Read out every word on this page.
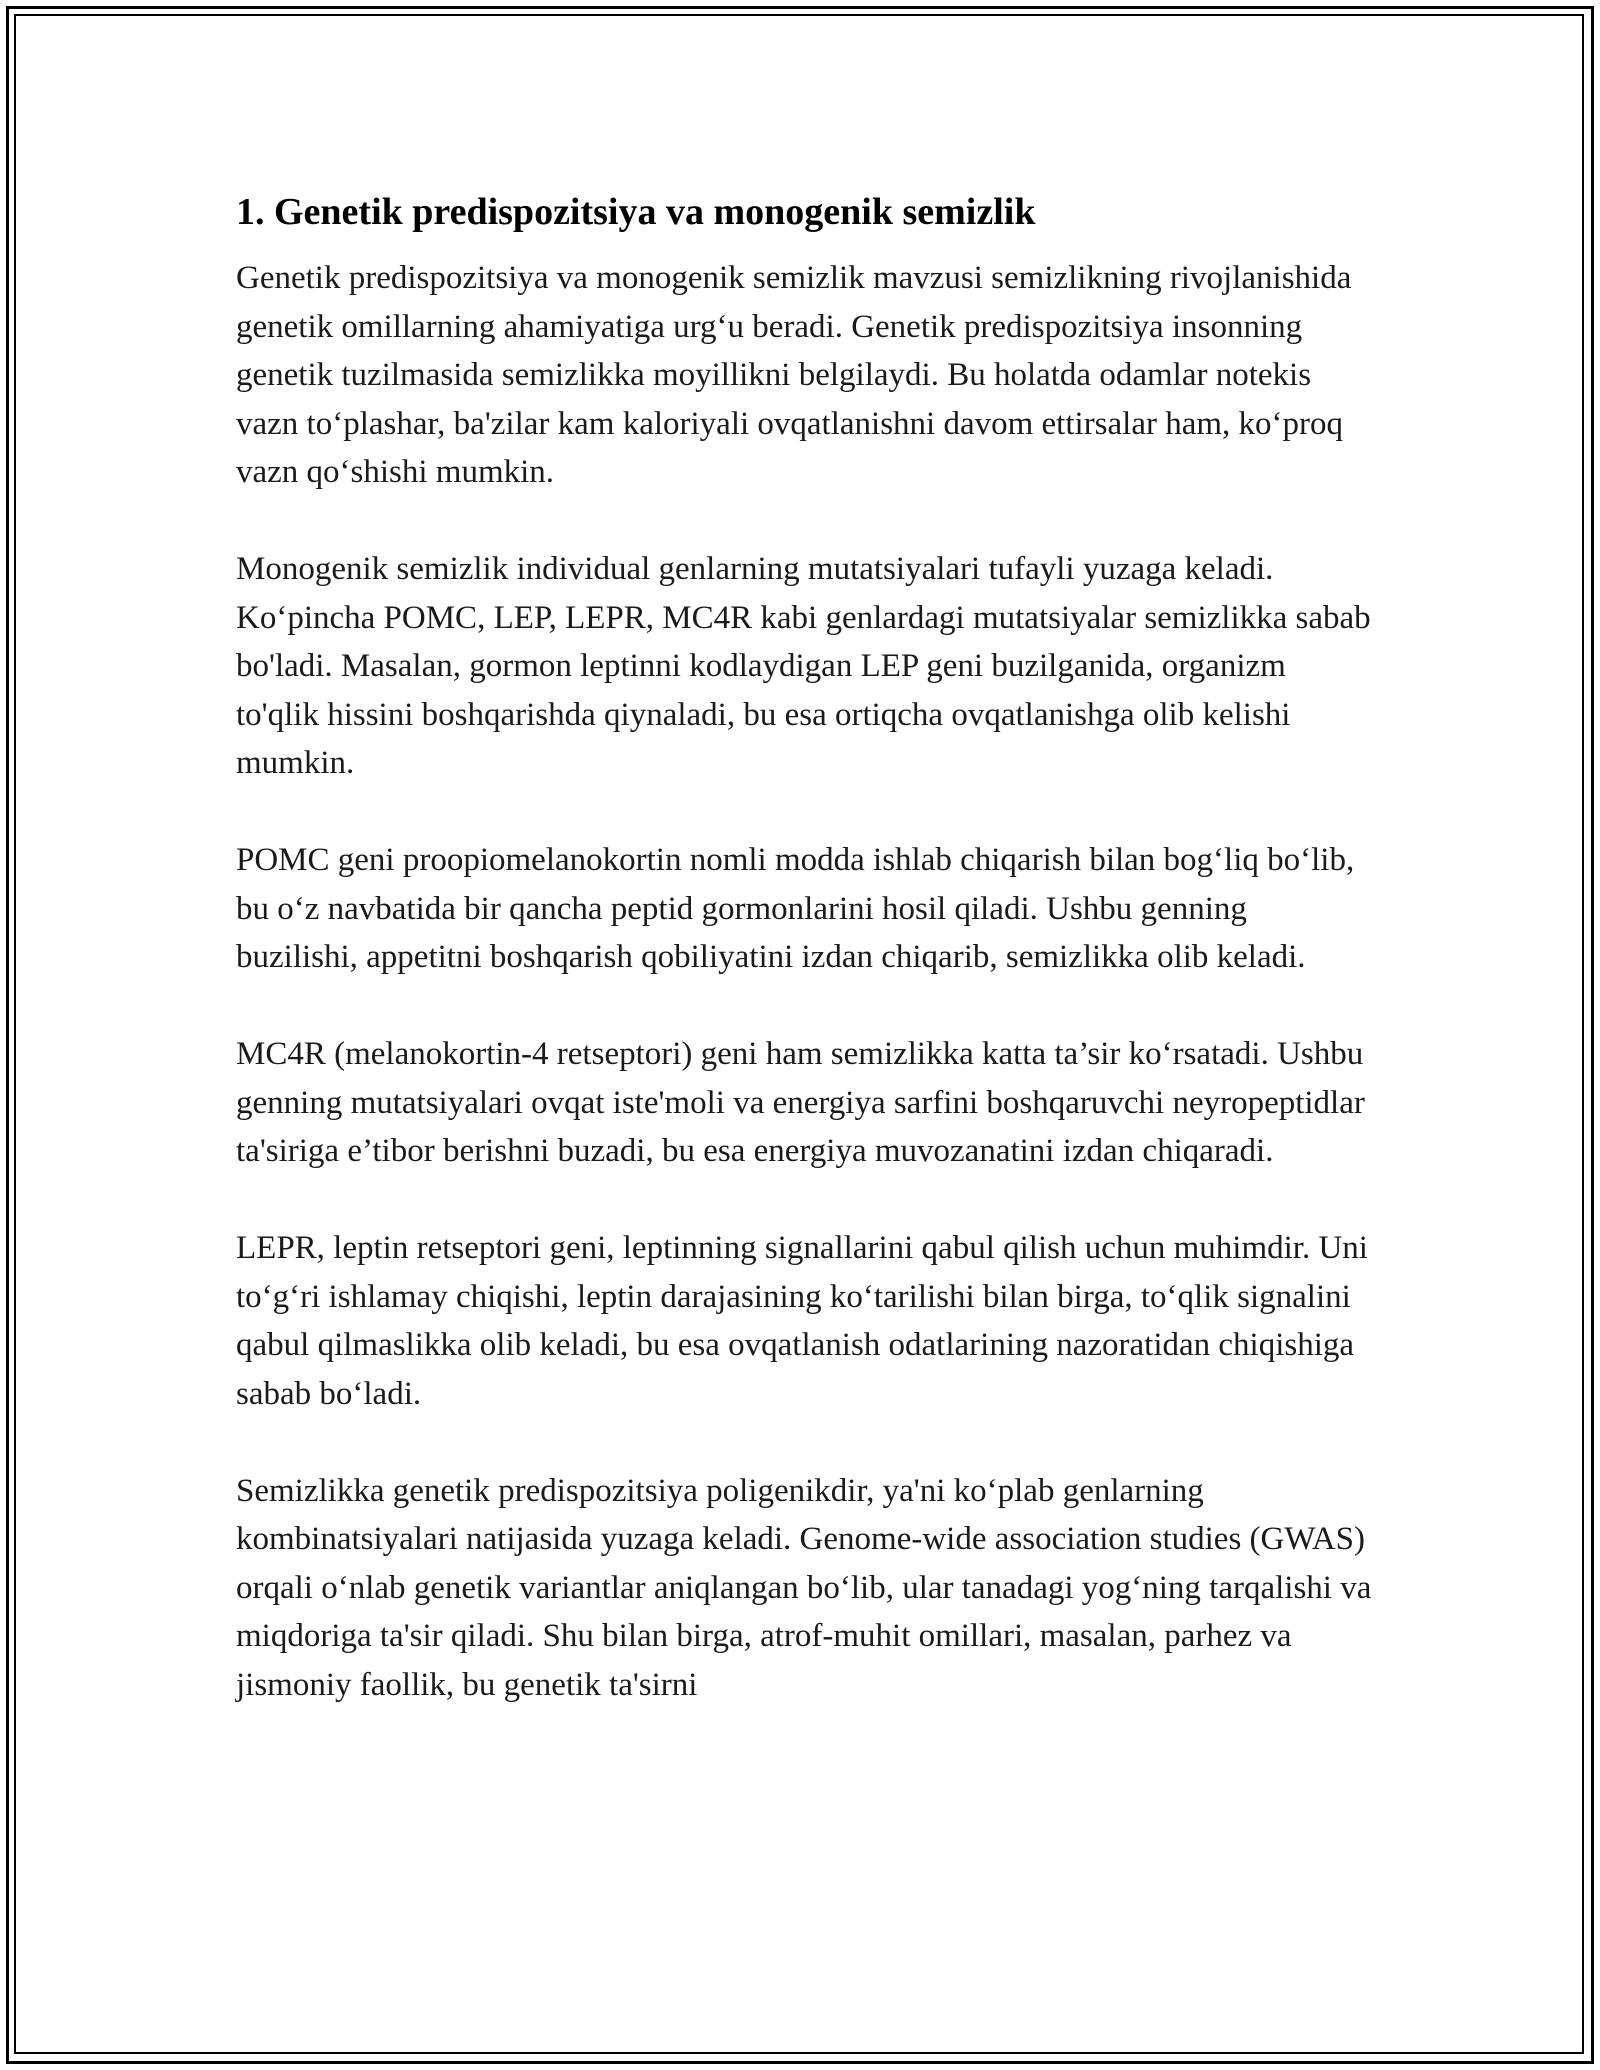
1. Genetik predispozitsiya va monogenik semizlik

Genetik predispozitsiya va monogenik semizlik mavzusi semizlikning rivojlanishida genetik omillarning ahamiyatiga urg‘u beradi. Genetik predispozitsiya insonning genetik tuzilmasida semizlikka moyillikni belgilaydi. Bu holatda odamlar notekis vazn to‘plashar, ba'zilar kam kaloriyali ovqatlanishni davom ettirsalar ham, ko‘proq vazn qo‘shishi mumkin.

Monogenik semizlik individual genlarning mutatsiyalari tufayli yuzaga keladi. Ko‘pincha POMC, LEP, LEPR, MC4R kabi genlardagi mutatsiyalar semizlikka sabab bo'ladi. Masalan, gormon leptinni kodlaydigan LEP geni buzilganida, organizm to'qlik hissini boshqarishda qiynaladi, bu esa ortiqcha ovqatlanishga olib kelishi mumkin.

POMC geni proopiomelanokortin nomli modda ishlab chiqarish bilan bog‘liq bo‘lib, bu o‘z navbatida bir qancha peptid gormonlarini hosil qiladi. Ushbu genning buzilishi, appetitni boshqarish qobiliyatini izdan chiqarib, semizlikka olib keladi.

MC4R (melanokortin-4 retseptori) geni ham semizlikka katta ta’sir ko‘rsatadi. Ushbu genning mutatsiyalari ovqat iste'moli va energiya sarfini boshqaruvchi neyropeptidlar ta'siriga e’tibor berishni buzadi, bu esa energiya muvozanatini izdan chiqaradi.

LEPR, leptin retseptori geni, leptinning signallarini qabul qilish uchun muhimdir. Uni to‘g‘ri ishlamay chiqishi, leptin darajasining ko‘tarilishi bilan birga, to‘qlik signalini qabul qilmaslikka olib keladi, bu esa ovqatlanish odatlarining nazoratidan chiqishiga sabab bo‘ladi.

Semizlikka genetik predispozitsiya poligenikdir, ya'ni ko‘plab genlarning kombinatsiyalari natijasida yuzaga keladi. Genome-wide association studies (GWAS) orqali o‘nlab genetik variantlar aniqlangan bo‘lib, ular tanadagi yog‘ning tarqalishi va miqdoriga ta'sir qiladi. Shu bilan birga, atrof-muhit omillari, masalan, parhez va jismoniy faollik, bu genetik ta'sirni
